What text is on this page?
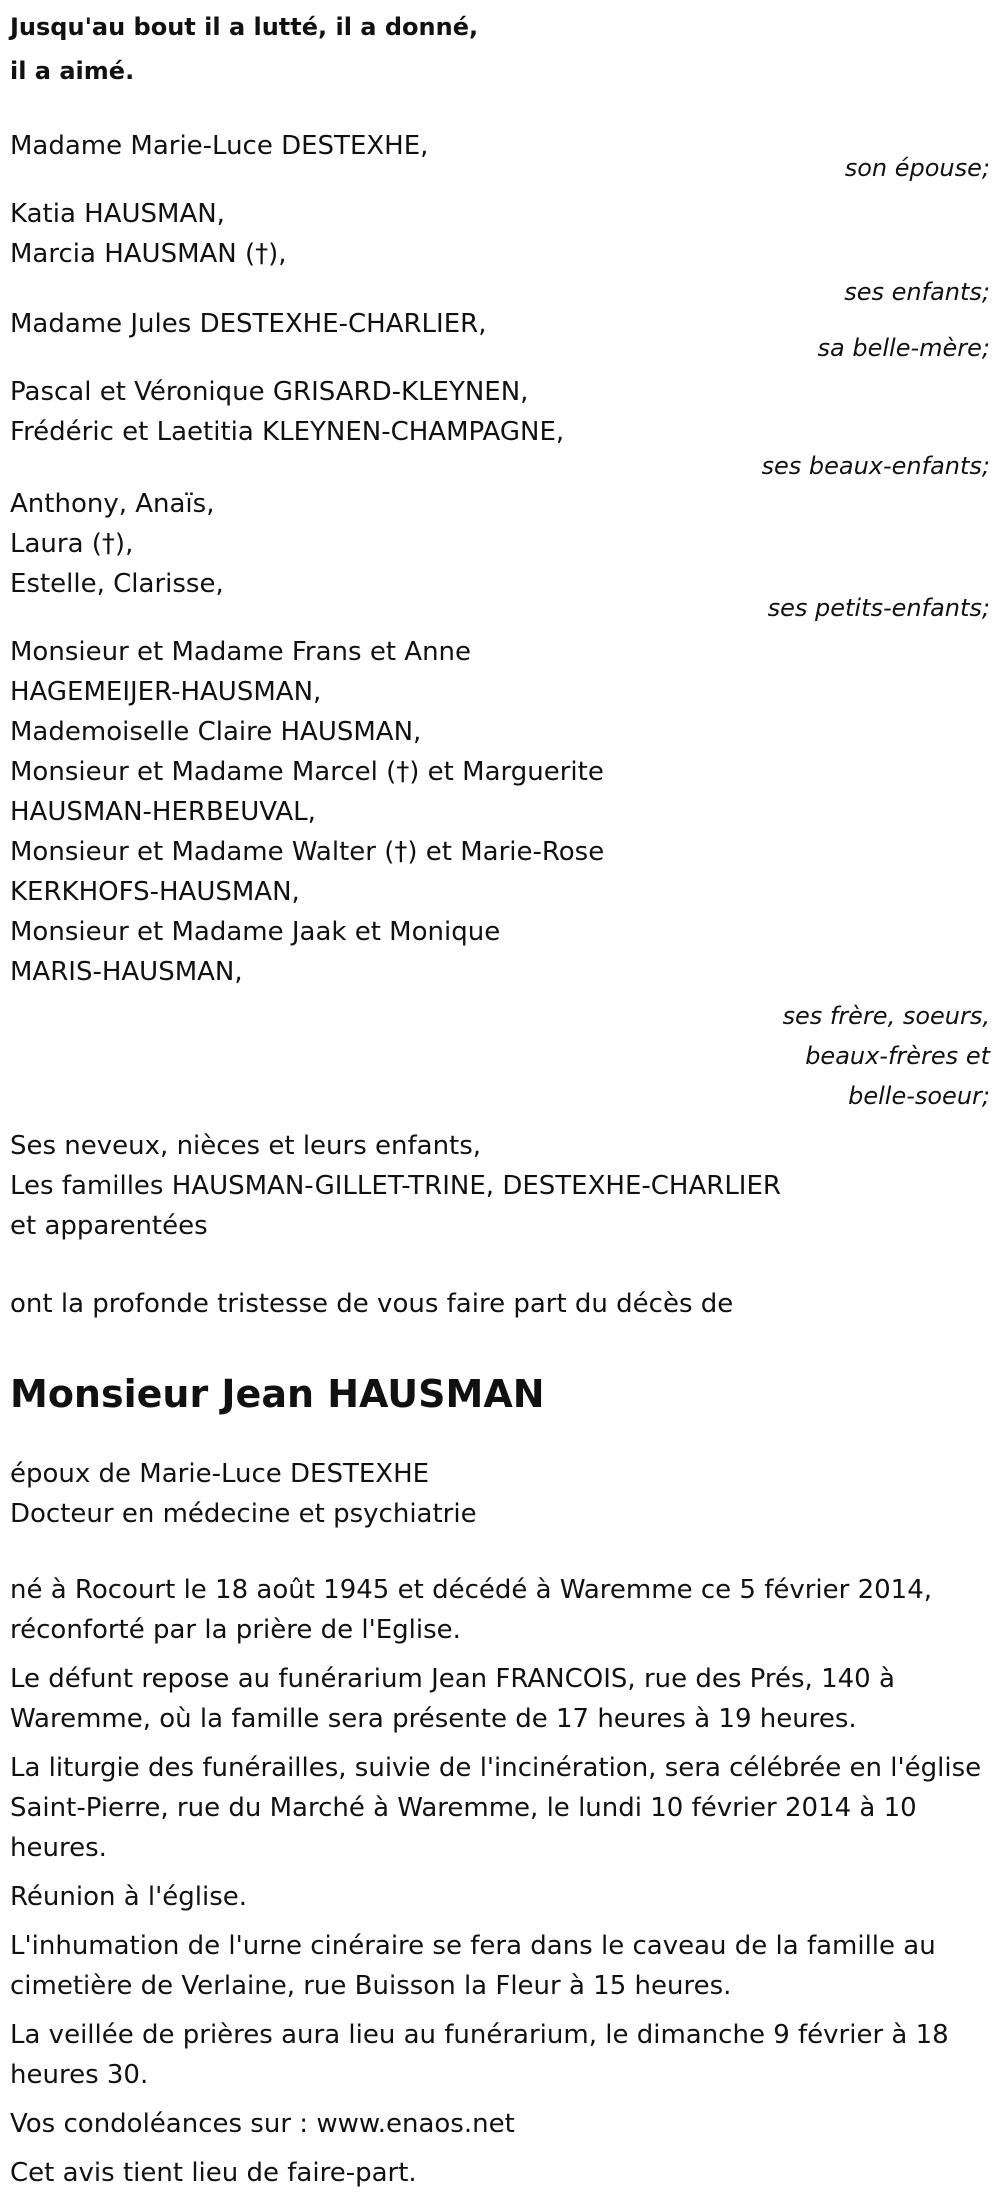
Jusqu'au bout il a lutté, il a donné,

il a aimé.

Madame Marie-Luce DESTEXHE,

son épouse;

Katia HAUSMAN,

Marcia HAUSMAN (†),

ses enfants;

Madame Jules DESTEXHE-CHARLIER,

sa belle-mère;

Pascal et Véronique GRISARD-KLEYNEN,

Frédéric et Laetitia KLEYNEN-CHAMPAGNE,

ses beaux-enfants;

Anthony, Anaïs,

Laura (†),

Estelle, Clarisse,

ses petits-enfants;

Monsieur et Madame Frans et Anne

HAGEMEIJER-HAUSMAN,

Mademoiselle Claire HAUSMAN,

Monsieur et Madame Marcel (†) et Marguerite

HAUSMAN-HERBEUVAL,

Monsieur et Madame Walter (†) et Marie-Rose

KERKHOFS-HAUSMAN,

Monsieur et Madame Jaak et Monique

MARIS-HAUSMAN,

ses frère, soeurs,

beaux-frères et

belle-soeur;

Ses neveux, nièces et leurs enfants,

Les familles HAUSMAN-GILLET-TRINE, DESTEXHE-CHARLIER

et apparentées

ont la profonde tristesse de vous faire part du décès de

Monsieur Jean HAUSMAN

époux de Marie-Luce DESTEXHE

Docteur en médecine et psychiatrie

né à Rocourt le 18 août 1945 et décédé à Waremme ce 5 février 2014, réconforté par la prière de l'Eglise.

Le défunt repose au funérarium Jean FRANCOIS, rue des Prés, 140 à Waremme, où la famille sera présente de 17 heures à 19 heures.

La liturgie des funérailles, suivie de l'incinération, sera célébrée en l'église Saint-Pierre, rue du Marché à Waremme, le lundi 10 février 2014 à 10 heures.

Réunion à l'église.

L'inhumation de l'urne cinéraire se fera dans le caveau de la famille au cimetière de Verlaine, rue Buisson la Fleur à 15 heures.

La veillée de prières aura lieu au funérarium, le dimanche 9 février à 18 heures 30.

Vos condoléances sur : www.enaos.net

Cet avis tient lieu de faire-part.
